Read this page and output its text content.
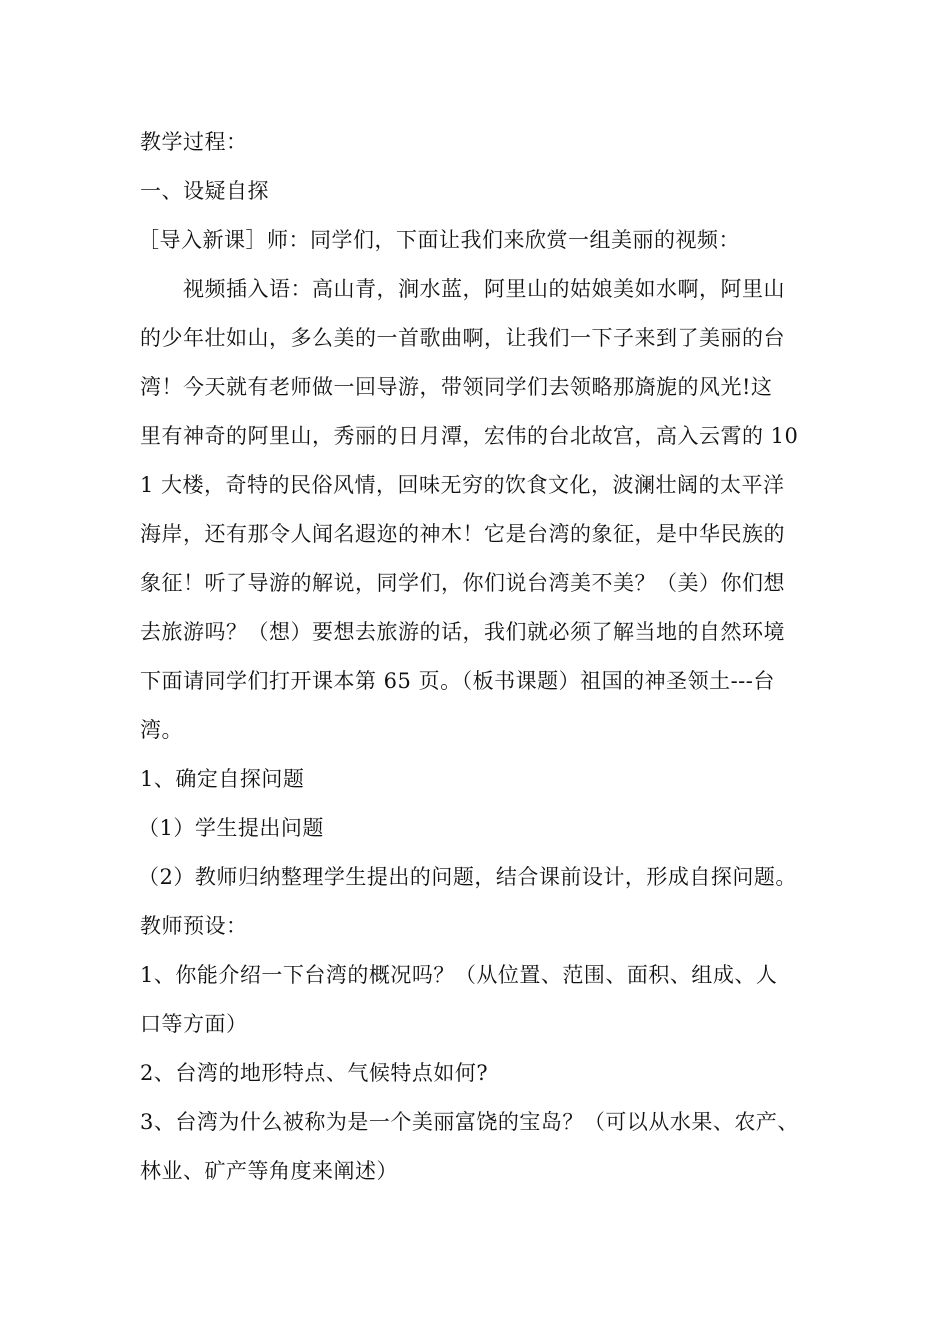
教学过程：
一、设疑自探
［导入新课］师：同学们，下面让我们来欣赏一组美丽的视频：
视频插入语：高山青，涧水蓝，阿里山的姑娘美如水啊，阿里山
的少年壮如山，多么美的一首歌曲啊，让我们一下子来到了美丽的台
湾！今天就有老师做一回导游，带领同学们去领略那旖旎的风光!这
里有神奇的阿里山，秀丽的日月潭，宏伟的台北故宫，高入云霄的 10
1 大楼，奇特的民俗风情，回味无穷的饮食文化，波澜壮阔的太平洋
海岸，还有那令人闻名遐迩的神木！它是台湾的象征，是中华民族的
象征！听了导游的解说，同学们，你们说台湾美不美？（美）你们想
去旅游吗？（想）要想去旅游的话，我们就必须了解当地的自然环境
下面请同学们打开课本第 65 页。（板书课题）祖国的神圣领土---台
湾。
1、确定自探问题
（1）学生提出问题
（2）教师归纳整理学生提出的问题，结合课前设计，形成自探问题。
教师预设：
1、你能介绍一下台湾的概况吗？（从位置、范围、面积、组成、人
口等方面）
2、台湾的地形特点、气候特点如何?
3、台湾为什么被称为是一个美丽富饶的宝岛？（可以从水果、农产、
林业、矿产等角度来阐述）
